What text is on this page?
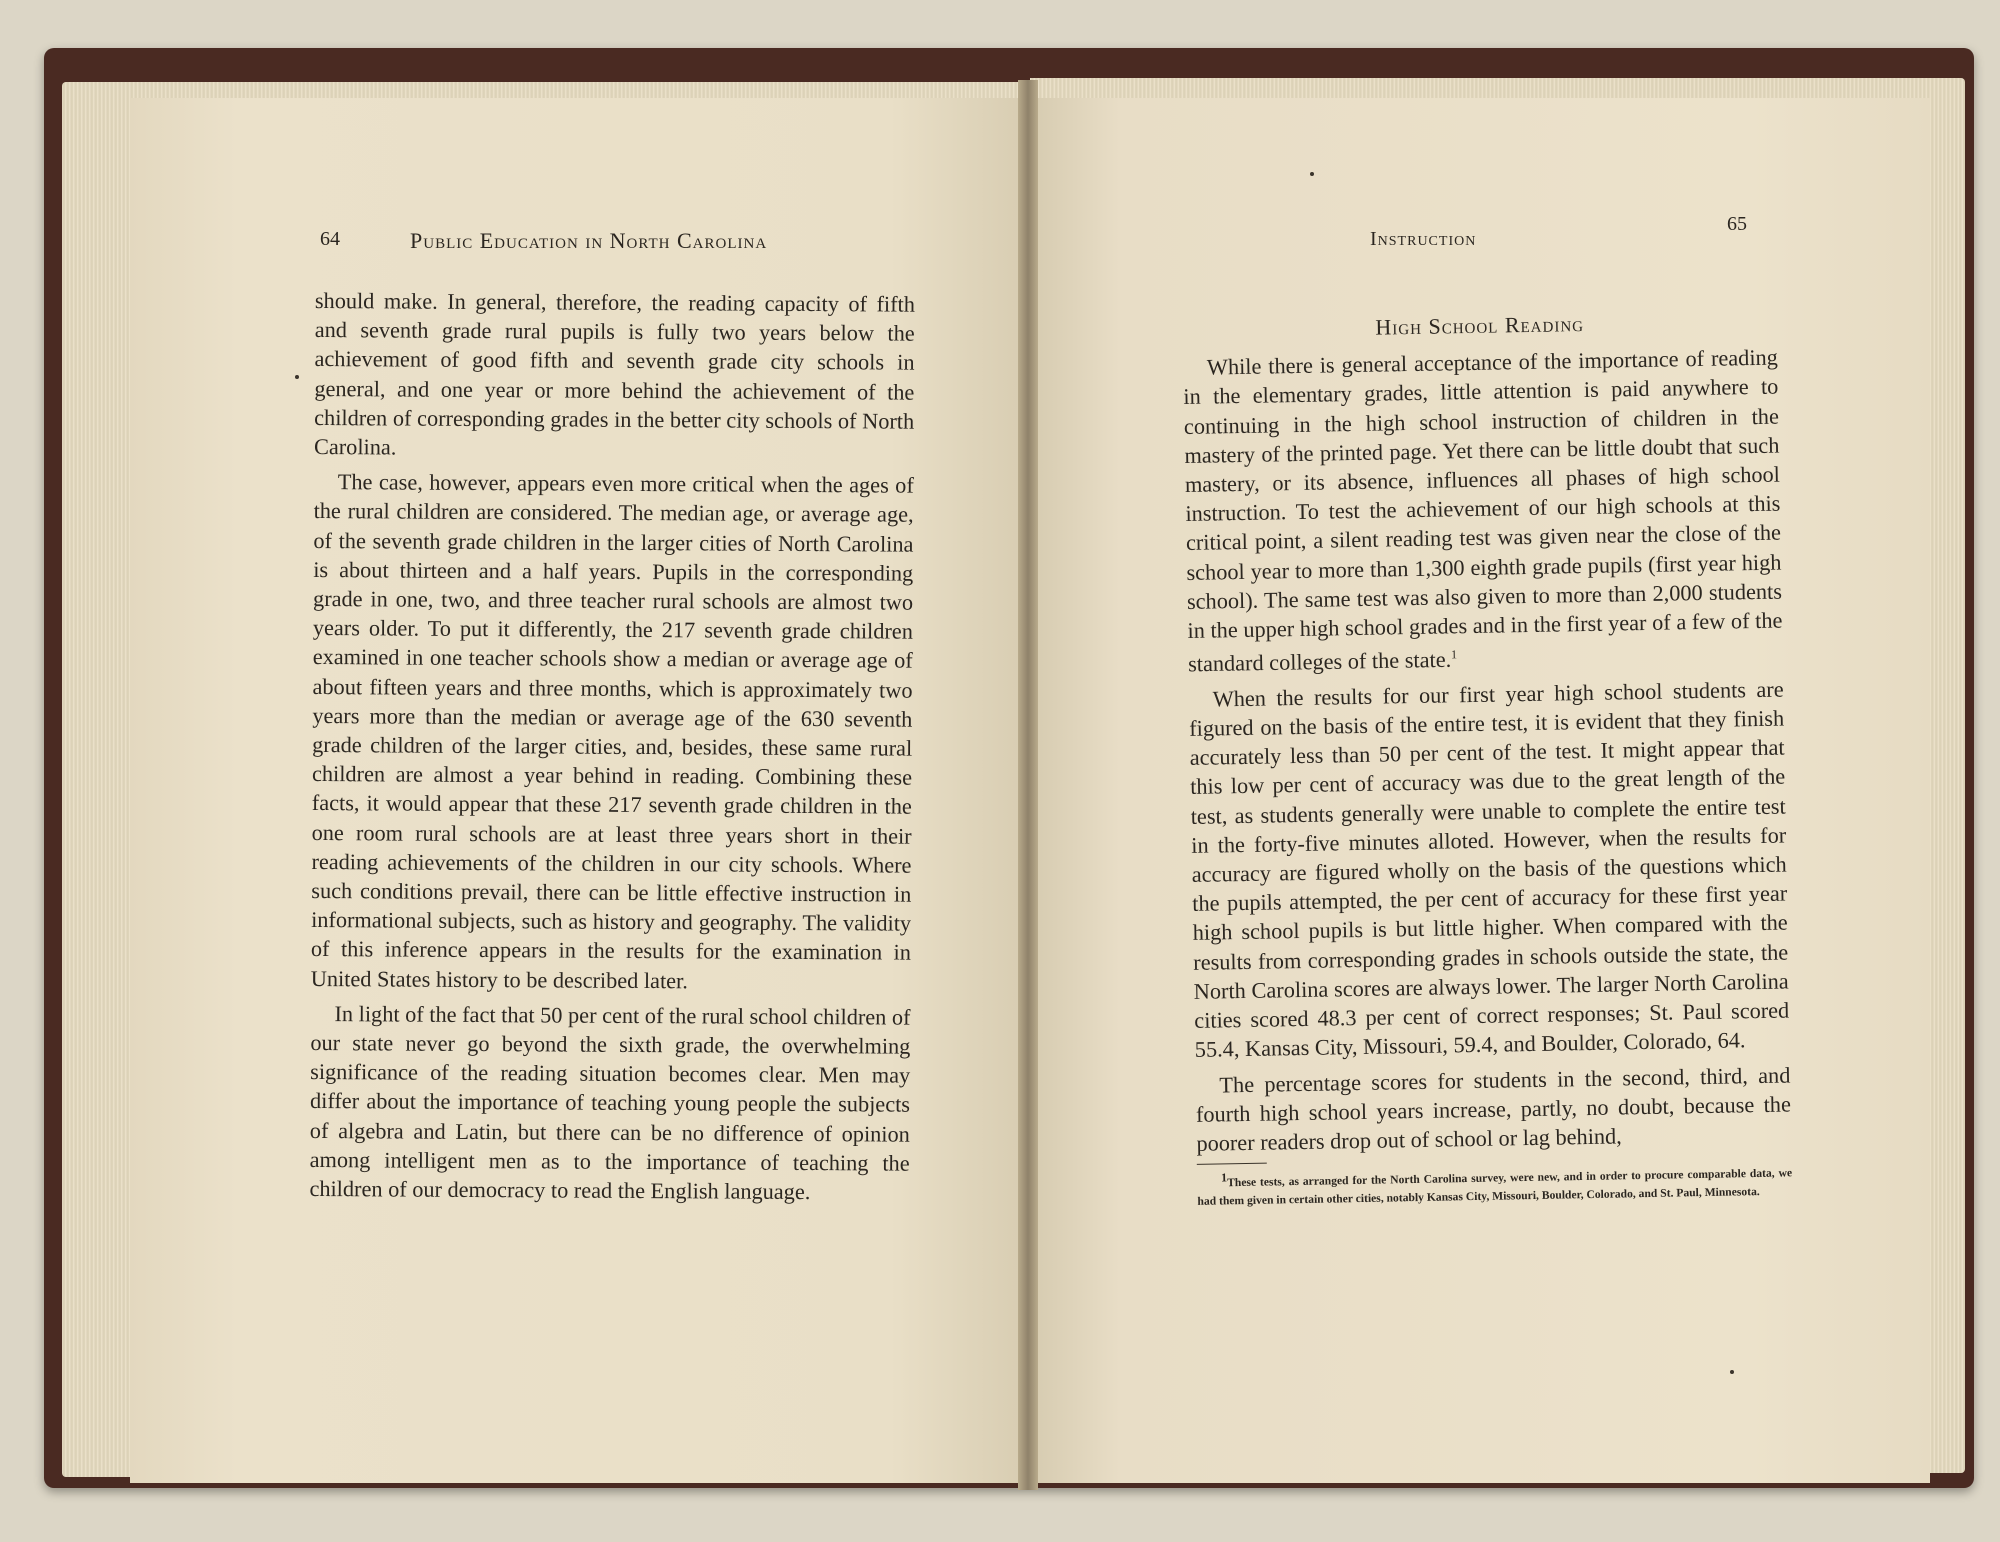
64	Public Education in North Carolina

should make. In general, therefore, the reading capacity of fifth and seventh grade rural pupils is fully two years below the achievement of good fifth and seventh grade city schools in general, and one year or more behind the achievement of the children of corresponding grades in the better city schools of North Carolina.

The case, however, appears even more critical when the ages of the rural children are considered. The median age, or average age, of the seventh grade children in the larger cities of North Carolina is about thirteen and a half years. Pupils in the corresponding grade in one, two, and three teacher rural schools are almost two years older. To put it differently, the 217 seventh grade children examined in one teacher schools show a median or average age of about fifteen years and three months, which is approximately two years more than the median or average age of the 630 seventh grade children of the larger cities, and, besides, these same rural children are almost a year behind in reading. Combining these facts, it would appear that these 217 seventh grade children in the one room rural schools are at least three years short in their reading achievements of the children in our city schools. Where such conditions prevail, there can be little effective instruction in informational subjects, such as history and geography. The validity of this inference appears in the results for the examination in United States history to be described later.

In light of the fact that 50 per cent of the rural school children of our state never go beyond the sixth grade, the overwhelming significance of the reading situation becomes clear. Men may differ about the importance of teaching young people the subjects of algebra and Latin, but there can be no difference of opinion among intelligent men as to the importance of teaching the children of our democracy to read the English language.

Instruction
65
High School Reading

While there is general acceptance of the importance of reading in the elementary grades, little attention is paid anywhere to continuing in the high school instruction of children in the mastery of the printed page. Yet there can be little doubt that such mastery, or its absence, influences all phases of high school instruction. To test the achievement of our high schools at this critical point, a silent reading test was given near the close of the school year to more than 1,300 eighth grade pupils (first year high school). The same test was also given to more than 2,000 students in the upper high school grades and in the first year of a few of the standard colleges of the state.$^1$

When the results for our first year high school students are figured on the basis of the entire test, it is evident that they finish accurately less than 50 per cent of the test. It might appear that this low per cent of accuracy was due to the great length of the test, as students generally were unable to complete the entire test in the forty-five minutes alloted. However, when the results for accuracy are figured wholly on the basis of the questions which the pupils attempted, the per cent of accuracy for these first year high school pupils is but little higher. When compared with the results from corresponding grades in schools outside the state, the North Carolina scores are always lower. The larger North Carolina cities scored 48.3 per cent of correct responses; St. Paul scored 55.4, Kansas City, Missouri, 59.4, and Boulder, Colorado, 64.

The percentage scores for students in the second, third, and fourth high school years increase, partly, no doubt, because the poorer readers drop out of school or lag behind,

$^1$These tests, as arranged for the North Carolina survey, were new, and in order to procure comparable data, we had them given in certain other cities, notably Kansas City, Missouri, Boulder, Colorado, and St. Paul, Minnesota.
